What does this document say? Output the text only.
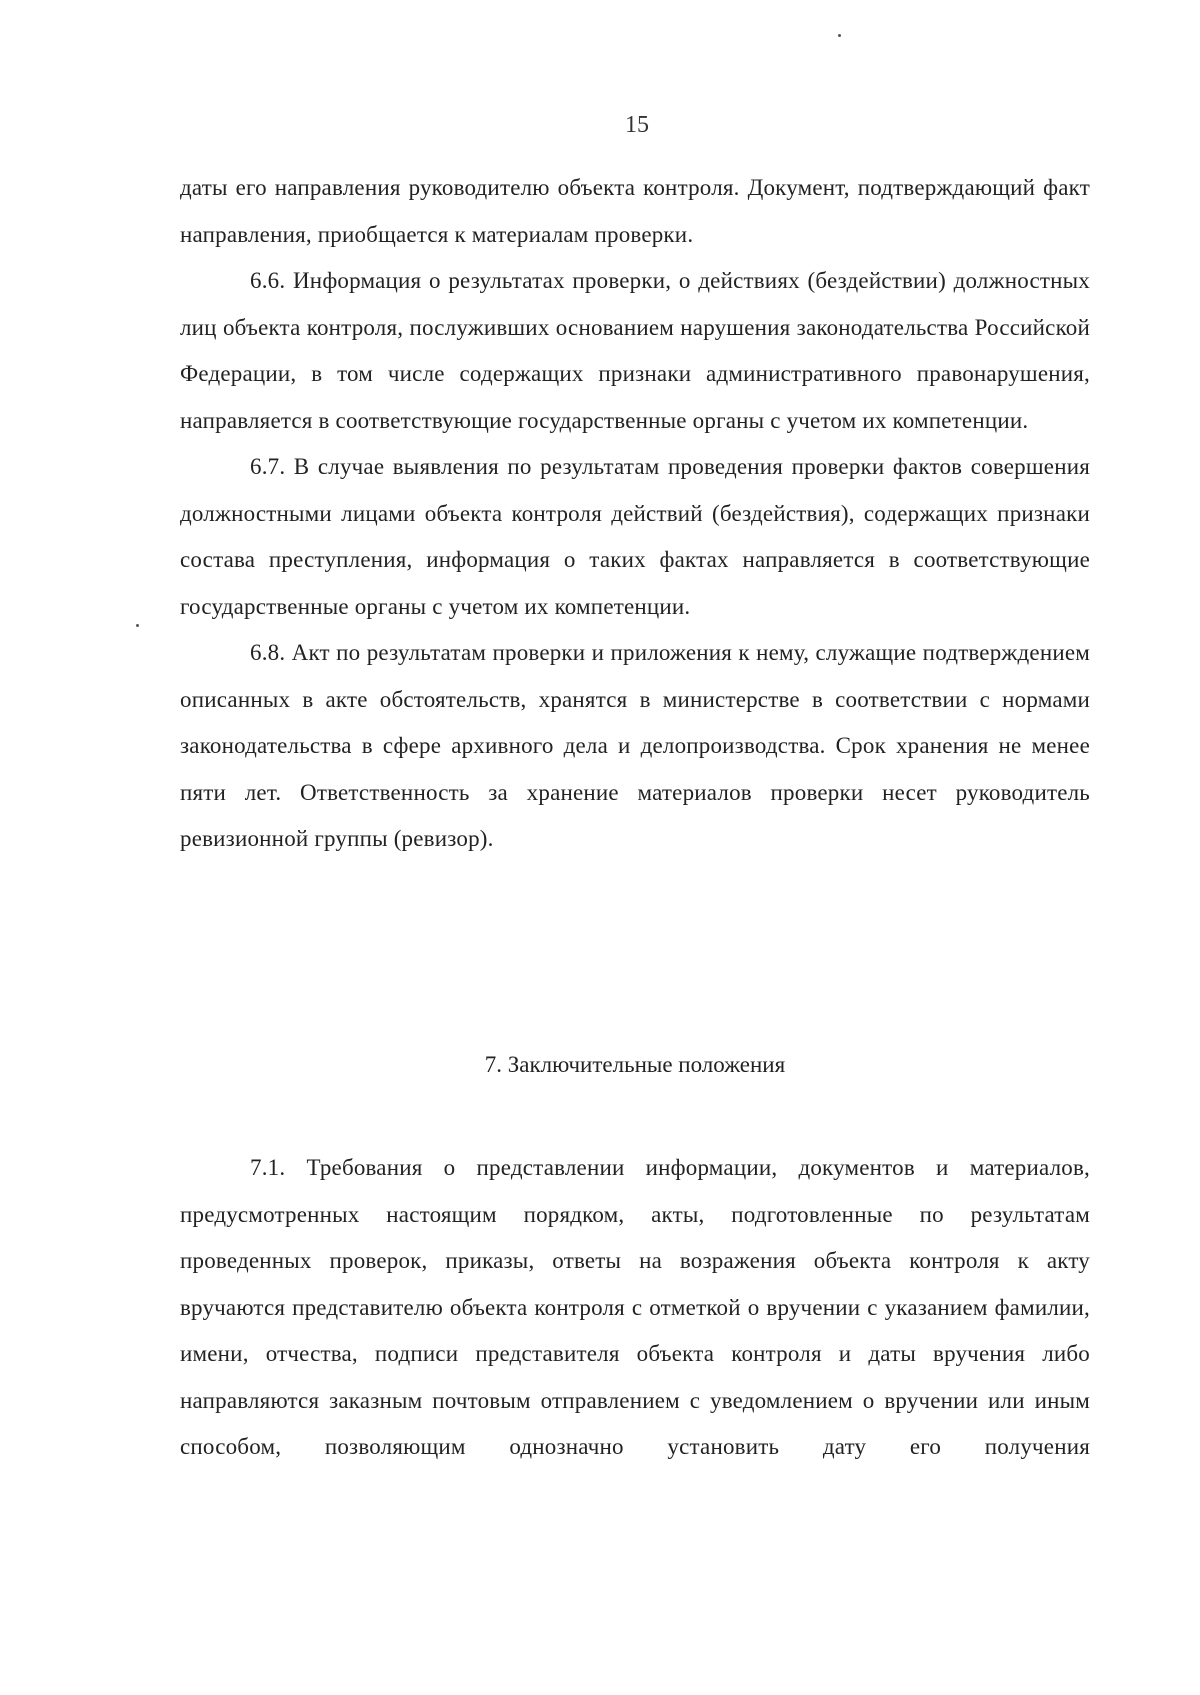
15

даты его направления руководителю объекта контроля. Документ, подтверждающий факт направления, приобщается к материалам проверки.

6.6. Информация о результатах проверки, о действиях (бездействии) должностных лиц объекта контроля, послуживших основанием нарушения законодательства Российской Федерации, в том числе содержащих признаки административного правонарушения, направляется в соответствующие государственные органы с учетом их компетенции.

6.7. В случае выявления по результатам проведения проверки фактов совершения должностными лицами объекта контроля действий (бездействия), содержащих признаки состава преступления, информация о таких фактах направляется в соответствующие государственные органы с учетом их компетенции.

6.8. Акт по результатам проверки и приложения к нему, служащие подтверждением описанных в акте обстоятельств, хранятся в министерстве в соответствии с нормами законодательства в сфере архивного дела и делопроизводства. Срок хранения не менее пяти лет. Ответственность за хранение материалов проверки несет руководитель ревизионной группы (ревизор).

7. Заключительные положения

7.1. Требования о представлении информации, документов и материалов, предусмотренных настоящим порядком, акты, подготовленные по результатам проведенных проверок, приказы, ответы на возражения объекта контроля к акту вручаются представителю объекта контроля с отметкой о вручении с указанием фамилии, имени, отчества, подписи представителя объекта контроля и даты вручения либо направляются заказным почтовым отправлением с уведомлением о вручении или иным способом, позволяющим однозначно установить дату его получения
